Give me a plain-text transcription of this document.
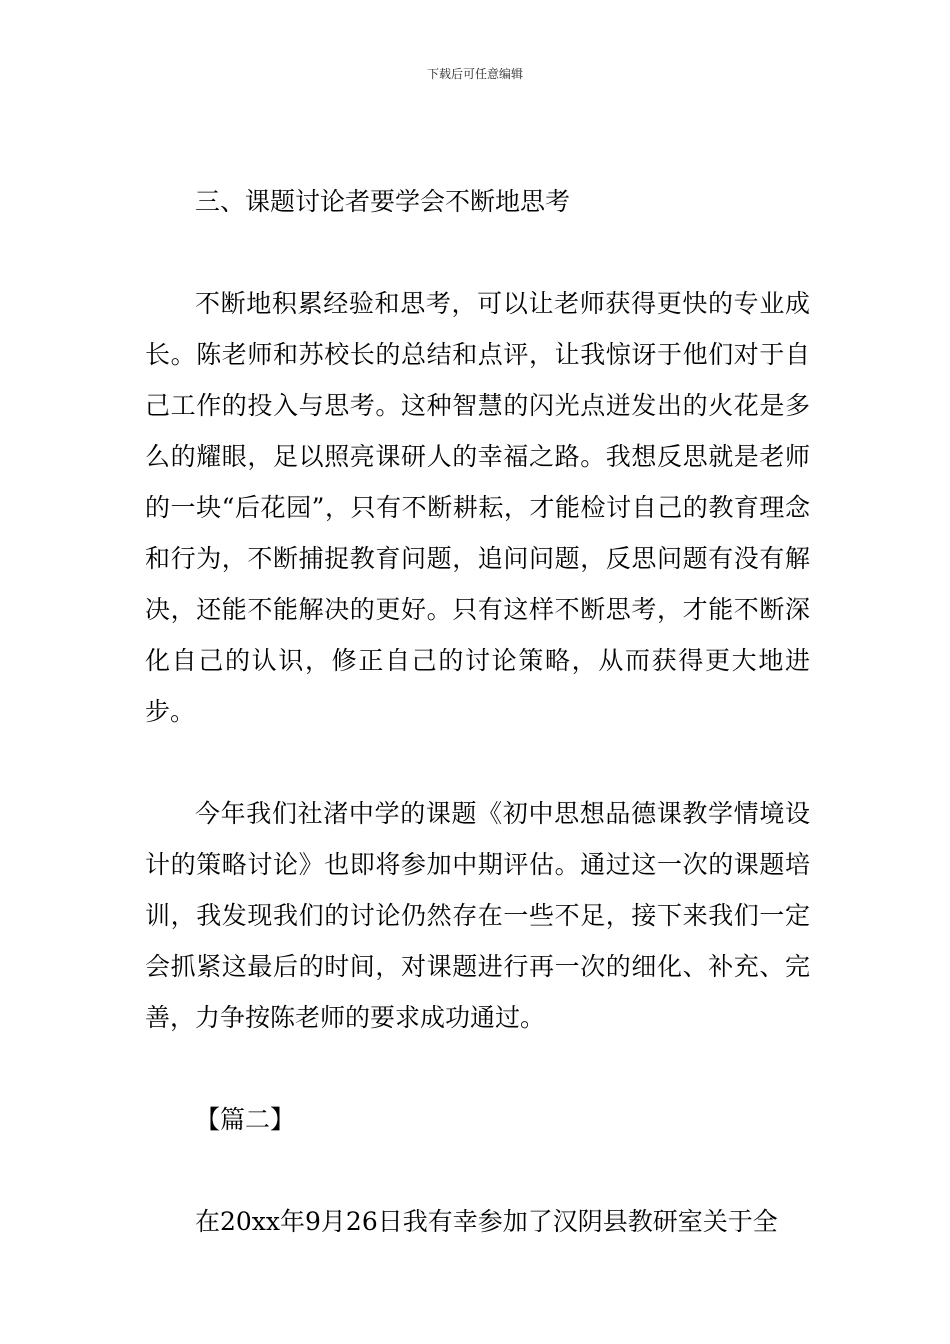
下载后可任意编辑

三、课题讨论者要学会不断地思考

不断地积累经验和思考，可以让老师获得更快的专业成长。陈老师和苏校长的总结和点评，让我惊讶于他们对于自己工作的投入与思考。这种智慧的闪光点迸发出的火花是多么的耀眼，足以照亮课研人的幸福之路。我想反思就是老师的一块“后花园”，只有不断耕耘，才能检讨自己的教育理念和行为，不断捕捉教育问题，追问问题，反思问题有没有解决，还能不能解决的更好。只有这样不断思考，才能不断深化自己的认识，修正自己的讨论策略，从而获得更大地进步。

今年我们社渚中学的课题《初中思想品德课教学情境设计的策略讨论》也即将参加中期评估。通过这一次的课题培训，我发现我们的讨论仍然存在一些不足，接下来我们一定会抓紧这最后的时间，对课题进行再一次的细化、补充、完善，力争按陈老师的要求成功通过。

【篇二】

在20xx年9月26日我有幸参加了汉阴县教研室关于全
